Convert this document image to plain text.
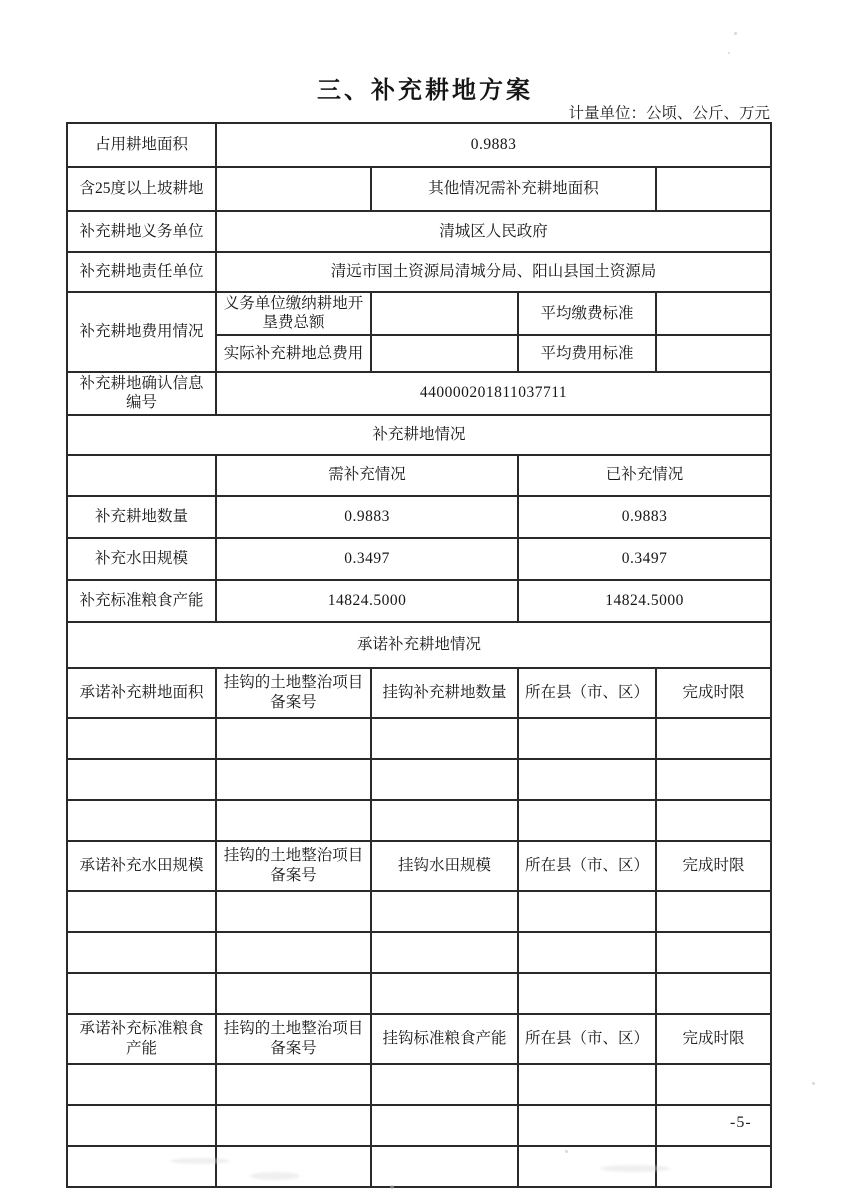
三、补充耕地方案
计量单位：公顷、公斤、万元
占用耕地面积	0.9883			
含25度以上坡耕地		其他情况需补充耕地面积		
补充耕地义务单位	清城区人民政府			
补充耕地责任单位	清远市国土资源局清城分局、阳山县国土资源局			
补充耕地费用情况	义务单位缴纳耕地开垦费总额		平均缴费标准	
	实际补充耕地总费用		平均费用标准	
补充耕地确认信息编号	440000201811037711			
补充耕地情况				
	需补充情况		已补充情况	
补充耕地数量	0.9883		0.9883	
补充水田规模	0.3497		0.3497	
补充标准粮食产能	14824.5000		14824.5000	
承诺补充耕地情况				
承诺补充耕地面积	挂钩的土地整治项目备案号	挂钩补充耕地数量	所在县（市、区）	完成时限

承诺补充水田规模	挂钩的土地整治项目备案号	挂钩水田规模	所在县（市、区）	完成时限

承诺补充标准粮食产能	挂钩的土地整治项目备案号	挂钩标准粮食产能	所在县（市、区）	完成时限

-5-
